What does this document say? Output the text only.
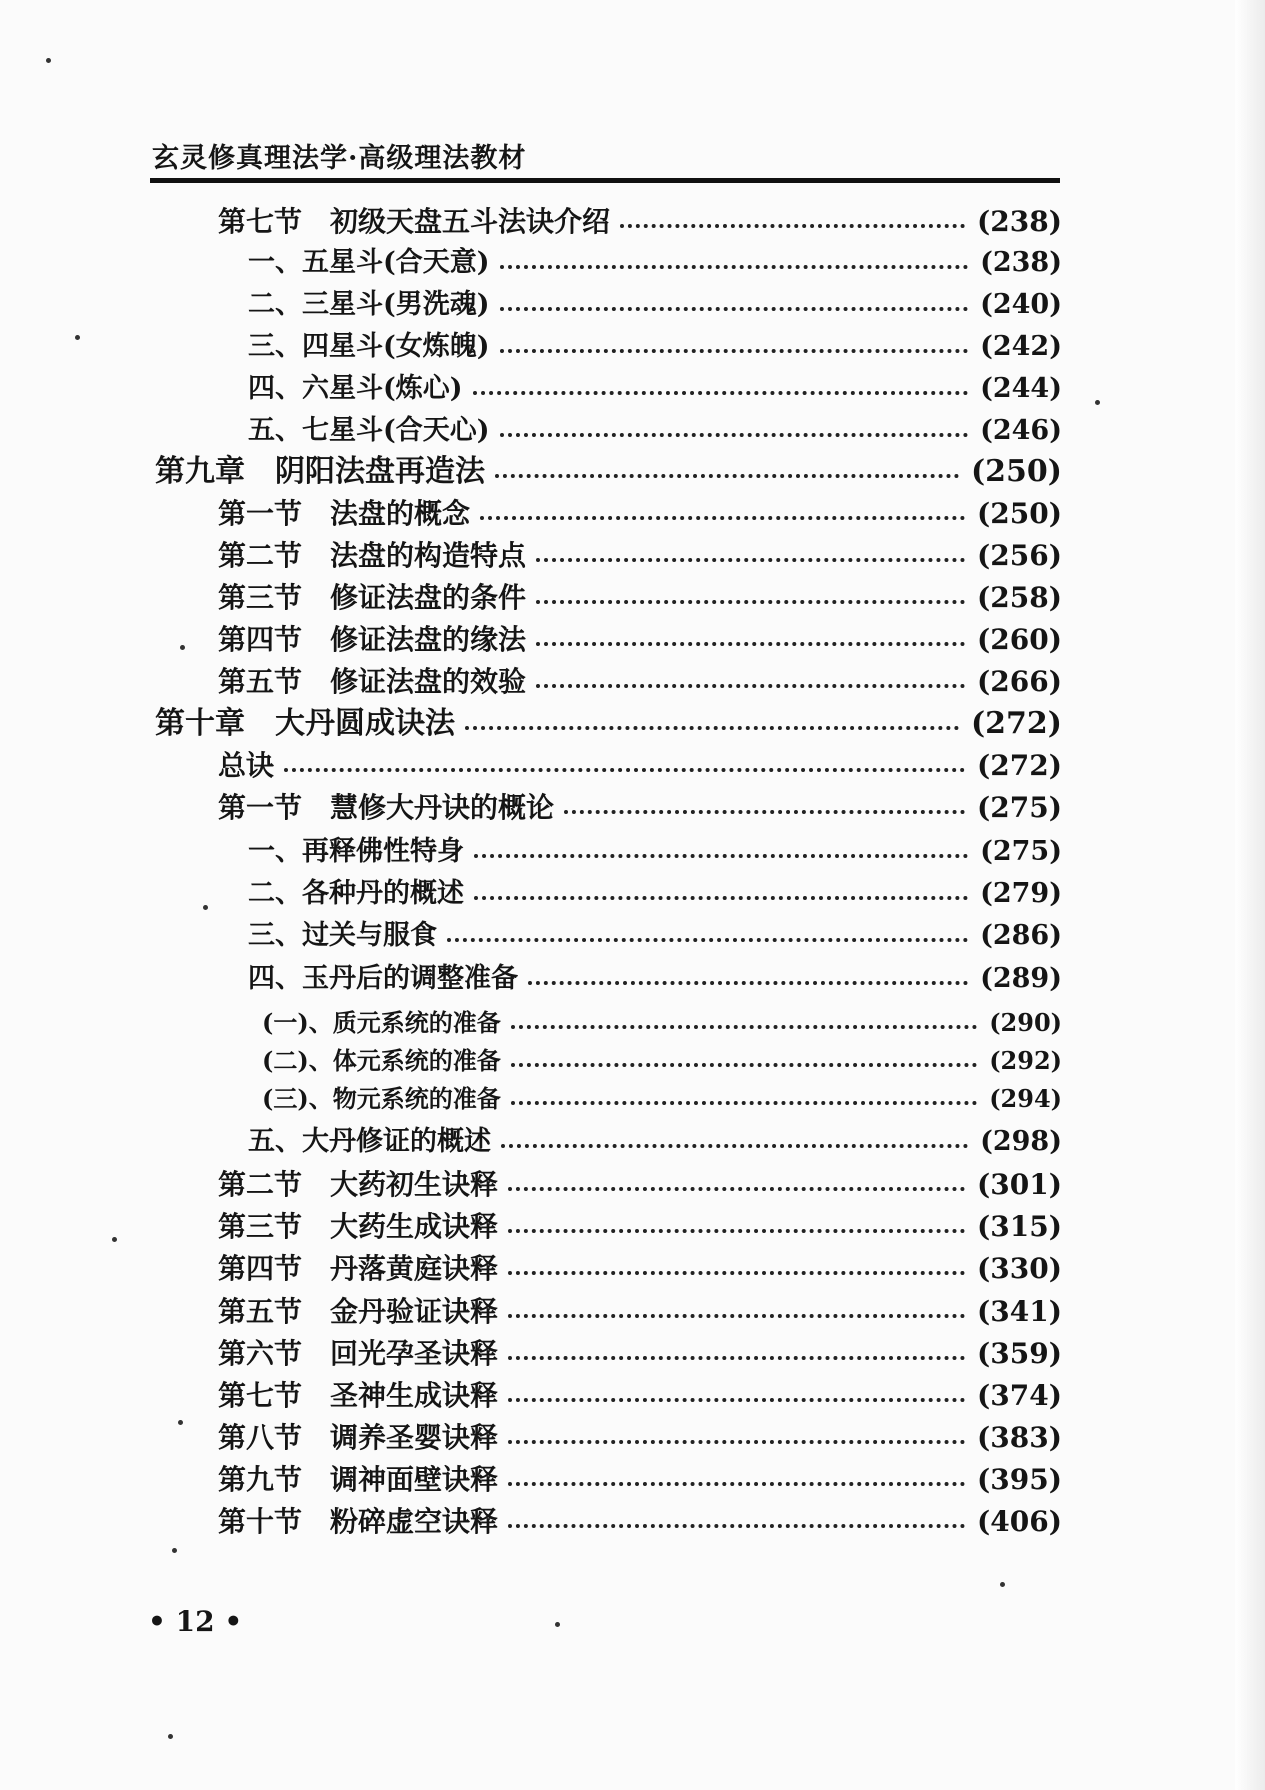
玄灵修真理法学·高级理法教材
第七节　初级天盘五斗法诀介绍	(238)
一、五星斗(合天意)	(238)
二、三星斗(男洗魂)	(240)
三、四星斗(女炼魄)	(242)
四、六星斗(炼心)	(244)
五、七星斗(合天心)	(246)
第九章　阴阳法盘再造法	(250)
第一节　法盘的概念	(250)
第二节　法盘的构造特点	(256)
第三节　修证法盘的条件	(258)
第四节　修证法盘的缘法	(260)
第五节　修证法盘的效验	(266)
第十章　大丹圆成诀法	(272)
总诀	(272)
第一节　慧修大丹诀的概论	(275)
一、再释佛性特身	(275)
二、各种丹的概述	(279)
三、过关与服食	(286)
四、玉丹后的调整准备	(289)
(一)、质元系统的准备	(290)
(二)、体元系统的准备	(292)
(三)、物元系统的准备	(294)
五、大丹修证的概述	(298)
第二节　大药初生诀释	(301)
第三节　大药生成诀释	(315)
第四节　丹落黄庭诀释	(330)
第五节　金丹验证诀释	(341)
第六节　回光孕圣诀释	(359)
第七节　圣神生成诀释	(374)
第八节　调养圣婴诀释	(383)
第九节　调神面壁诀释	(395)
第十节　粉碎虚空诀释	(406)
• 12 •
